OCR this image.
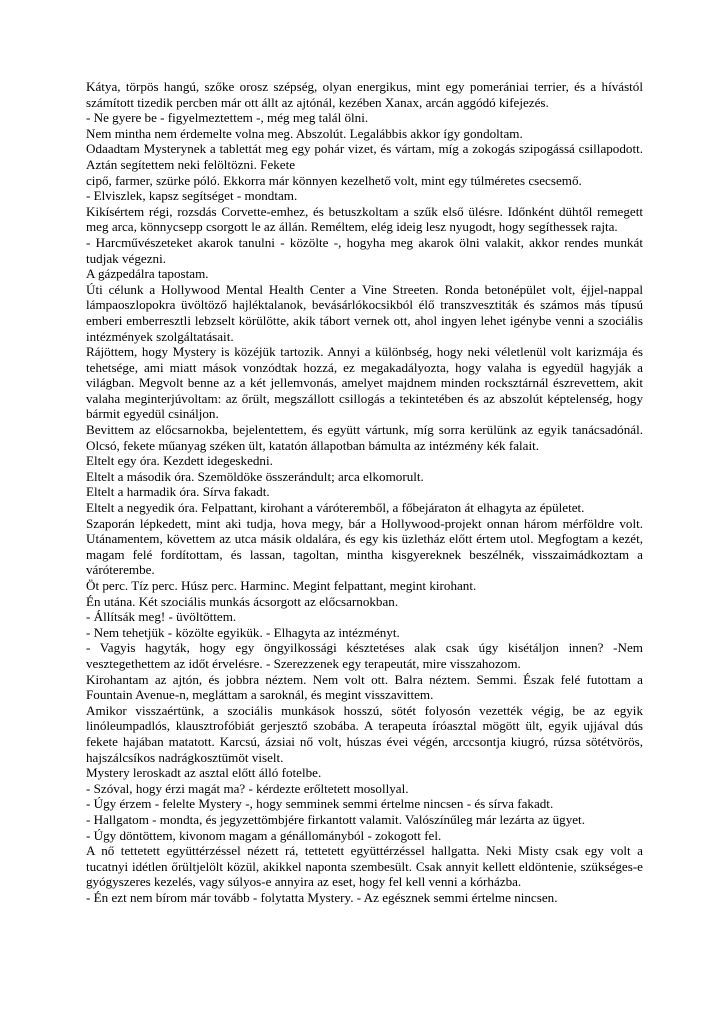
Kátya, törpös hangú, szőke orosz szépség, olyan energikus, mint egy pomerániai terrier, és a hívástól számított tizedik percben már ott állt az ajtónál, kezében Xanax, arcán aggódó kifejezés.

- Ne gyere be - figyelmeztettem -, még meg talál ölni.

Nem mintha nem érdemelte volna meg. Abszolút. Legalábbis akkor így gondoltam.

Odaadtam Mysterynek a tablettát meg egy pohár vizet, és vártam, míg a zokogás szipogássá csillapodott. Aztán segítettem neki felöltözni. Fekete

cipő, farmer, szürke póló. Ekkorra már könnyen kezelhető volt, mint egy túlméretes csecsemő.

- Elviszlek, kapsz segítséget - mondtam.

Kikísértem régi, rozsdás Corvette-emhez, és betuszkoltam a szűk első ülésre. Időnként dühtől remegett meg arca, könnycsepp csorgott le az állán. Reméltem, elég ideig lesz nyugodt, hogy segíthessek rajta.

- Harcművészeteket akarok tanulni - közölte -, hogyha meg akarok ölni valakit, akkor rendes munkát tudjak végezni.

A gázpedálra tapostam.

Úti célunk a Hollywood Mental Health Center a Vine Streeten. Ronda betonépület volt, éjjel-nappal lámpaoszlopokra üvöltöző hajléktalanok, bevásárlókocsikból élő transzvesztiták és számos más típusú emberi emberresztli lebzselt körülötte, akik tábort vernek ott, ahol ingyen lehet igénybe venni a szociális intézmények szolgáltatásait.

Rájöttem, hogy Mystery is közéjük tartozik. Annyi a különbség, hogy neki véletlenül volt karizmája és tehetsége, ami miatt mások vonzódtak hozzá, ez megakadályozta, hogy valaha is egyedül hagyják a világban. Megvolt benne az a két jellemvonás, amelyet majdnem minden rocksztárnál észrevettem, akit valaha meginterjúvoltam: az őrült, megszállott csillogás a tekintetében és az abszolút képtelenség, hogy bármit egyedül csináljon.

Bevittem az előcsarnokba, bejelentettem, és együtt vártunk, míg sorra kerülünk az egyik tanácsadónál. Olcsó, fekete műanyag széken ült, katatón állapotban bámulta az intézmény kék falait.

Eltelt egy óra. Kezdett idegeskedni.

Eltelt a második óra. Szemöldöke összerándult; arca elkomorult.

Eltelt a harmadik óra. Sírva fakadt.

Eltelt a negyedik óra. Felpattant, kirohant a váróteremből, a főbejáraton át elhagyta az épületet.

Szaporán lépkedett, mint aki tudja, hova megy, bár a Hollywood-projekt onnan három mérföldre volt. Utánamentem, követtem az utca másik oldalára, és egy kis üzletház előtt értem utol. Megfogtam a kezét, magam felé fordítottam, és lassan, tagoltan, mintha kisgyereknek beszélnék, visszaimádkoztam a váróterembe.

Öt perc. Tíz perc. Húsz perc. Harminc. Megint felpattant, megint kirohant.

Én utána. Két szociális munkás ácsorgott az előcsarnokban.

- Állítsák meg! - üvöltöttem.

- Nem tehetjük - közölte egyikük. - Elhagyta az intézményt.

- Vagyis hagyták, hogy egy öngyilkossági késztetéses alak csak úgy kisétáljon innen? -Nem vesztegethettem az időt érvelésre. - Szerezzenek egy terapeutát, mire visszahozom.

Kirohantam az ajtón, és jobbra néztem. Nem volt ott. Balra néztem. Semmi. Észak felé futottam a Fountain Avenue-n, megláttam a saroknál, és megint visszavittem.

Amikor visszaértünk, a szociális munkások hosszú, sötét folyosón vezették végig, be az egyik linóleumpadlós, klausztrofóbiát gerjesztő szobába. A terapeuta íróasztal mögött ült, egyik ujjával dús fekete hajában matatott. Karcsú, ázsiai nő volt, húszas évei végén, arccsontja kiugró, rúzsa sötétvörös, hajszálcsíkos nadrágkosztümöt viselt.

Mystery leroskadt az asztal előtt álló fotelbe.

- Szóval, hogy érzi magát ma? - kérdezte erőltetett mosollyal.

- Úgy érzem - felelte Mystery -, hogy semminek semmi értelme nincsen - és sírva fakadt.

- Hallgatom - mondta, és jegyzettömbjére firkantott valamit. Valószínűleg már lezárta az ügyet.

- Úgy döntöttem, kivonom magam a génállományból - zokogott fel.

A nő tettetett együttérzéssel nézett rá, tettetett együttérzéssel hallgatta. Neki Misty csak egy volt a tucatnyi idétlen őrültjelölt közül, akikkel naponta szembesült. Csak annyit kellett eldöntenie, szükséges-e gyógyszeres kezelés, vagy súlyos-e annyira az eset, hogy fel kell venni a kórházba.

- Én ezt nem bírom már tovább - folytatta Mystery. - Az egésznek semmi értelme nincsen.
